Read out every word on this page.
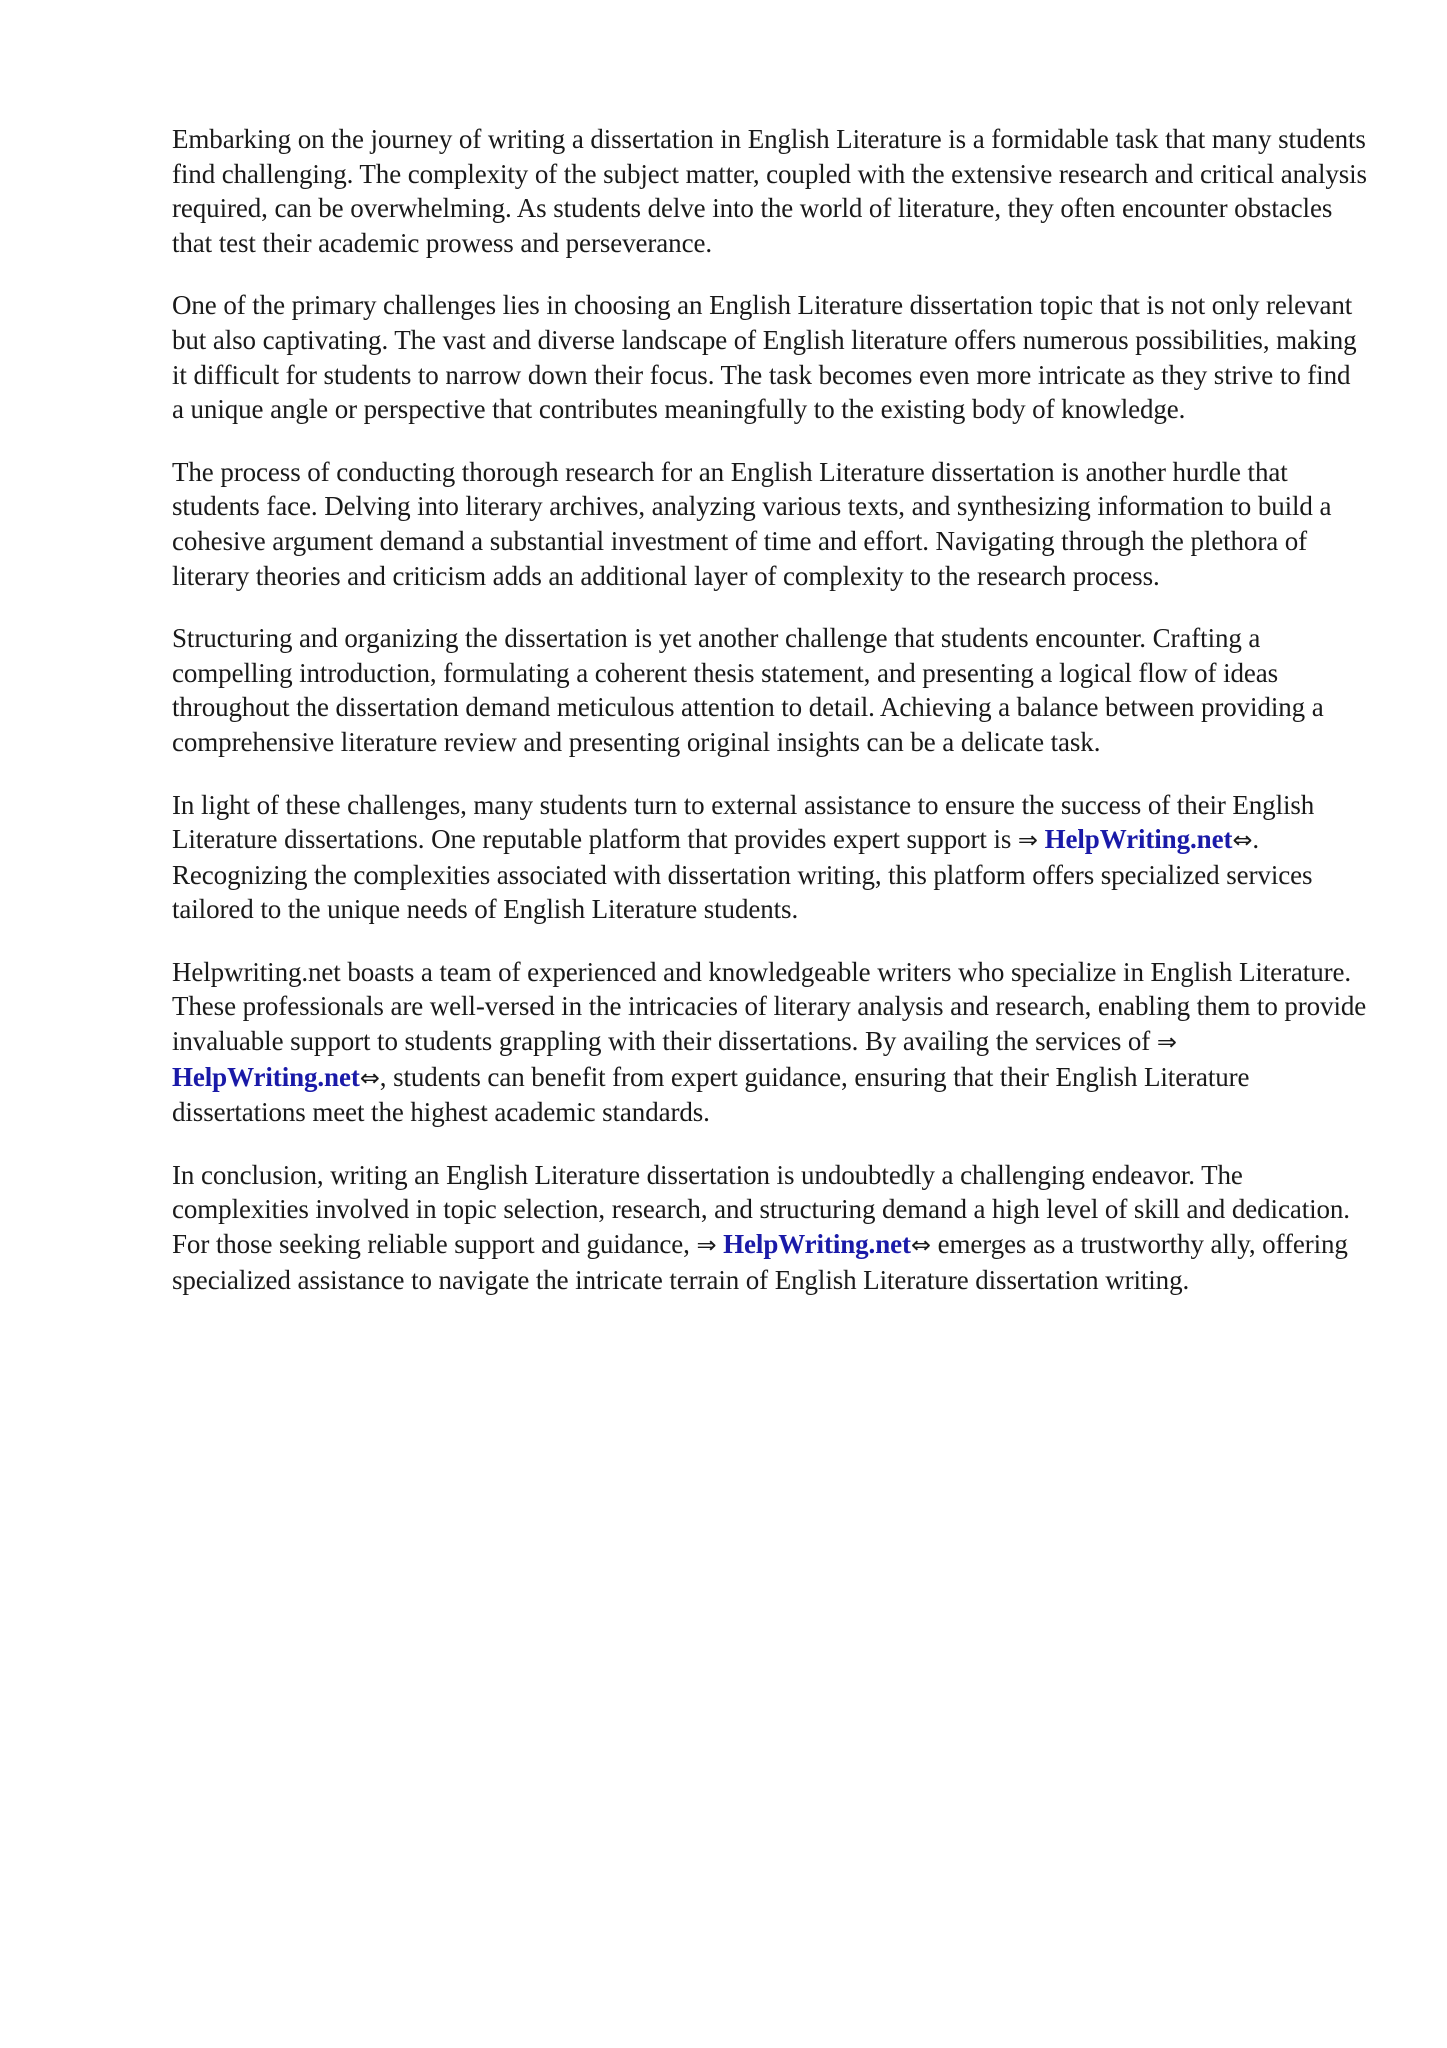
Embarking on the journey of writing a dissertation in English Literature is a formidable task that many students find challenging. The complexity of the subject matter, coupled with the extensive research and critical analysis required, can be overwhelming. As students delve into the world of literature, they often encounter obstacles that test their academic prowess and perseverance.

One of the primary challenges lies in choosing an English Literature dissertation topic that is not only relevant but also captivating. The vast and diverse landscape of English literature offers numerous possibilities, making it difficult for students to narrow down their focus. The task becomes even more intricate as they strive to find a unique angle or perspective that contributes meaningfully to the existing body of knowledge.

The process of conducting thorough research for an English Literature dissertation is another hurdle that students face. Delving into literary archives, analyzing various texts, and synthesizing information to build a cohesive argument demand a substantial investment of time and effort. Navigating through the plethora of literary theories and criticism adds an additional layer of complexity to the research process.

Structuring and organizing the dissertation is yet another challenge that students encounter. Crafting a compelling introduction, formulating a coherent thesis statement, and presenting a logical flow of ideas throughout the dissertation demand meticulous attention to detail. Achieving a balance between providing a comprehensive literature review and presenting original insights can be a delicate task.

In light of these challenges, many students turn to external assistance to ensure the success of their English Literature dissertations. One reputable platform that provides expert support is ⇒ HelpWriting.net⇔. Recognizing the complexities associated with dissertation writing, this platform offers specialized services tailored to the unique needs of English Literature students.

Helpwriting.net boasts a team of experienced and knowledgeable writers who specialize in English Literature. These professionals are well-versed in the intricacies of literary analysis and research, enabling them to provide invaluable support to students grappling with their dissertations. By availing the services of ⇒ HelpWriting.net⇔, students can benefit from expert guidance, ensuring that their English Literature dissertations meet the highest academic standards.

In conclusion, writing an English Literature dissertation is undoubtedly a challenging endeavor. The complexities involved in topic selection, research, and structuring demand a high level of skill and dedication. For those seeking reliable support and guidance, ⇒ HelpWriting.net⇔ emerges as a trustworthy ally, offering specialized assistance to navigate the intricate terrain of English Literature dissertation writing.
